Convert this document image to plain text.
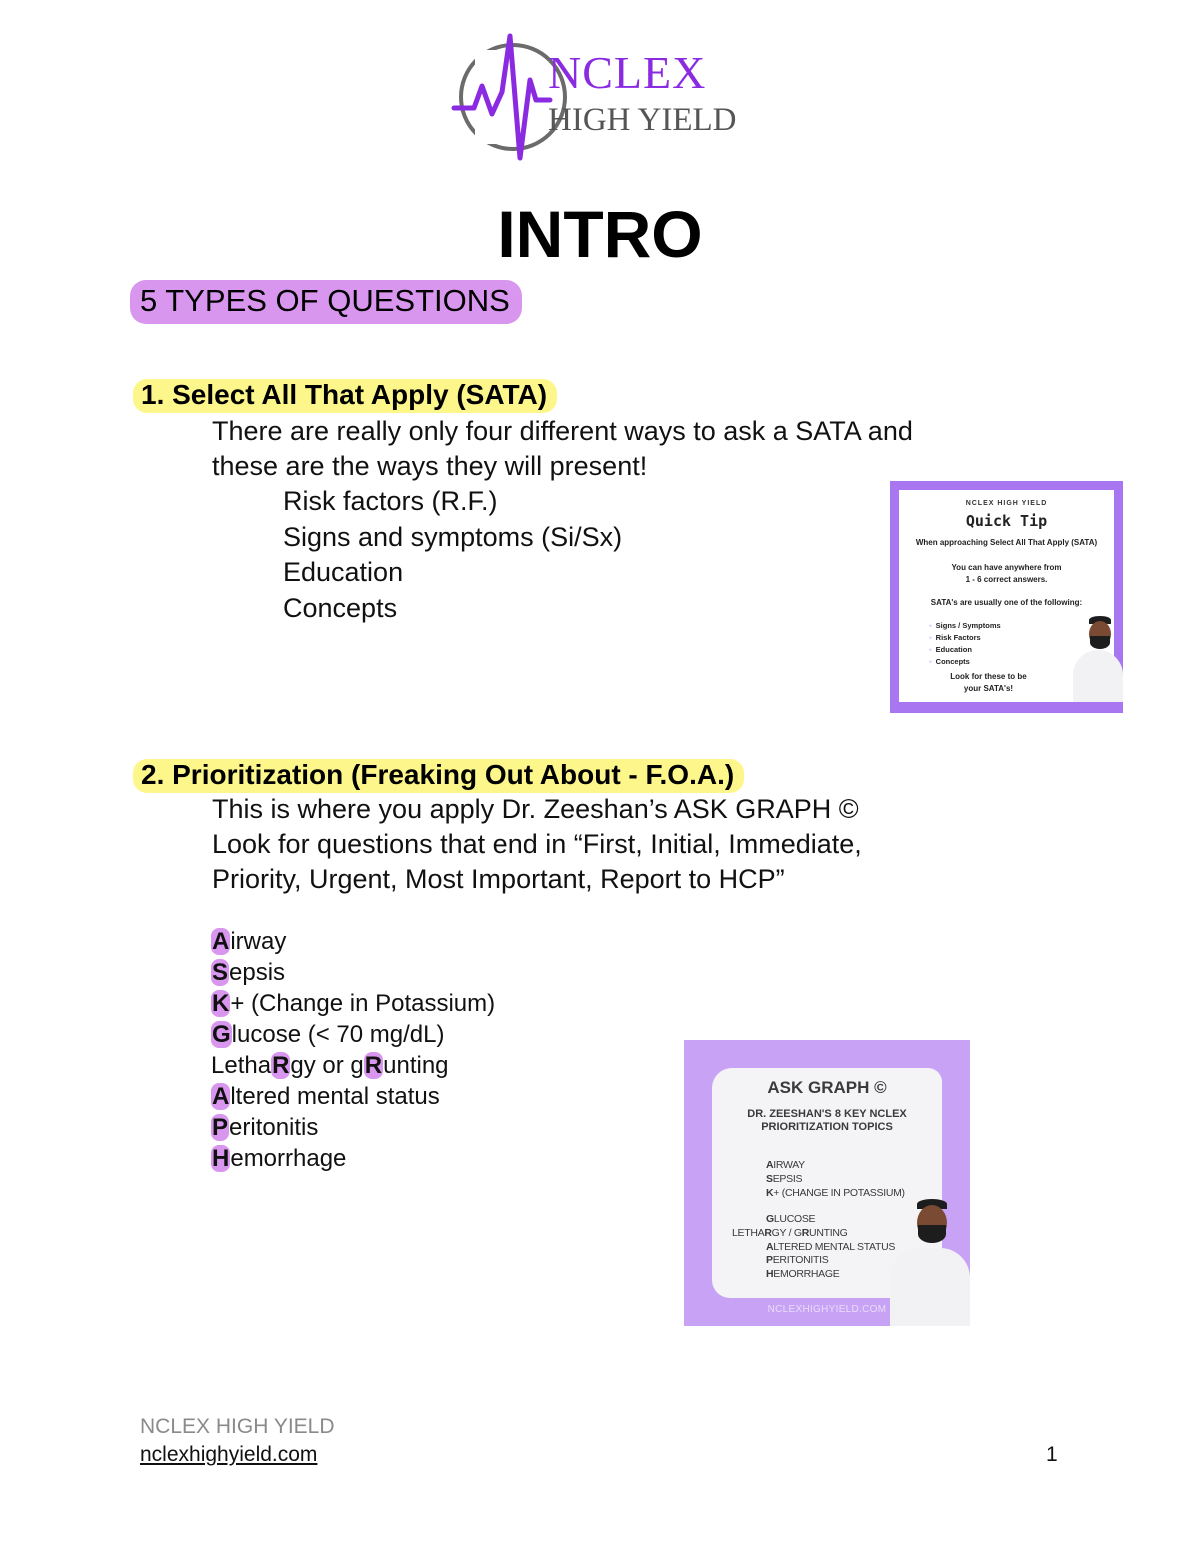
NCLEX
HIGH YIELD
INTRO
5 TYPES OF QUESTIONS
1. Select All That Apply (SATA)
There are really only four different ways to ask a SATA and
these are the ways they will present!
Risk factors (R.F.)
Signs and symptoms (Si/Sx)
Education
Concepts
NCLEX HIGH YIELD
Quick Tip
When approaching Select All That Apply (SATA)
You can have anywhere from
1 - 6 correct answers.
SATA's are usually one of the following:
◦ Signs / Symptoms
◦ Risk Factors
◦ Education
◦ Concepts
Look for these to be
your SATA's!
2. Prioritization (Freaking Out About - F.O.A.)
This is where you apply Dr. Zeeshan’s ASK GRAPH ©
Look for questions that end in “First, Initial, Immediate,
Priority, Urgent, Most Important, Report to HCP”
Airway
Sepsis
K+ (Change in Potassium)
Glucose (< 70 mg/dL)
LethaRgy or gRunting
Altered mental status
Peritonitis
Hemorrhage
ASK GRAPH ©
DR. ZEESHAN'S 8 KEY NCLEX
PRIORITIZATION TOPICS
AIRWAY
SEPSIS
K+ (CHANGE IN POTASSIUM)
GLUCOSE
LETHARGY / GRUNTING
ALTERED MENTAL STATUS
PERITONITIS
HEMORRHAGE
NCLEXHIGHYIELD.COM
NCLEX HIGH YIELD
nclexhighyield.com	1
